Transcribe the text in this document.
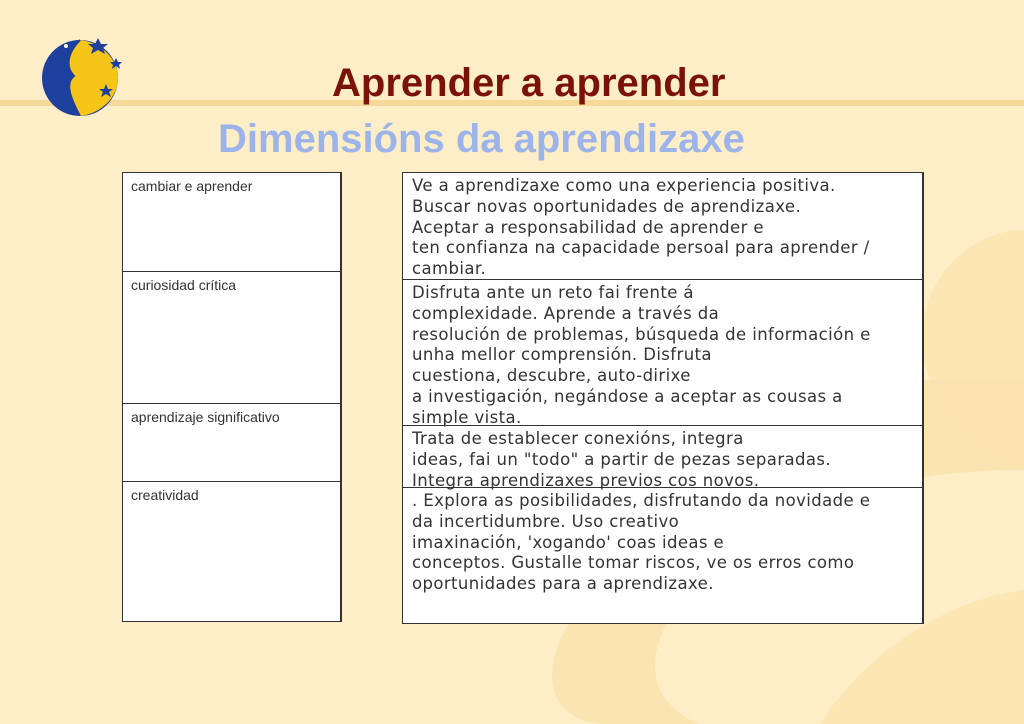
Aprender a aprender
Dimensións da aprendizaxe
cambiar e aprender
curiosidad crítica
aprendizaje significativo
creatividad
Ve a aprendizaxe como una experiencia positiva.
Buscar novas oportunidades de aprendizaxe.
Aceptar a responsabilidad de aprender e
ten confianza na capacidade persoal para aprender /
cambiar.
Disfruta ante un reto fai frente á
complexidade. Aprende a través da
resolución de problemas, búsqueda de información e
unha mellor comprensión. Disfruta
cuestiona, descubre, auto-dirixe
a investigación, negándose a aceptar as cousas a
simple vista.
Trata de establecer conexións, integra
ideas, fai un "todo" a partir de pezas separadas.
Integra aprendizaxes previos cos novos.
. Explora as posibilidades, disfrutando da novidade e
da incertidumbre. Uso creativo
imaxinación, 'xogando' coas ideas e
conceptos. Gustalle tomar riscos, ve os erros como
oportunidades para a aprendizaxe.
